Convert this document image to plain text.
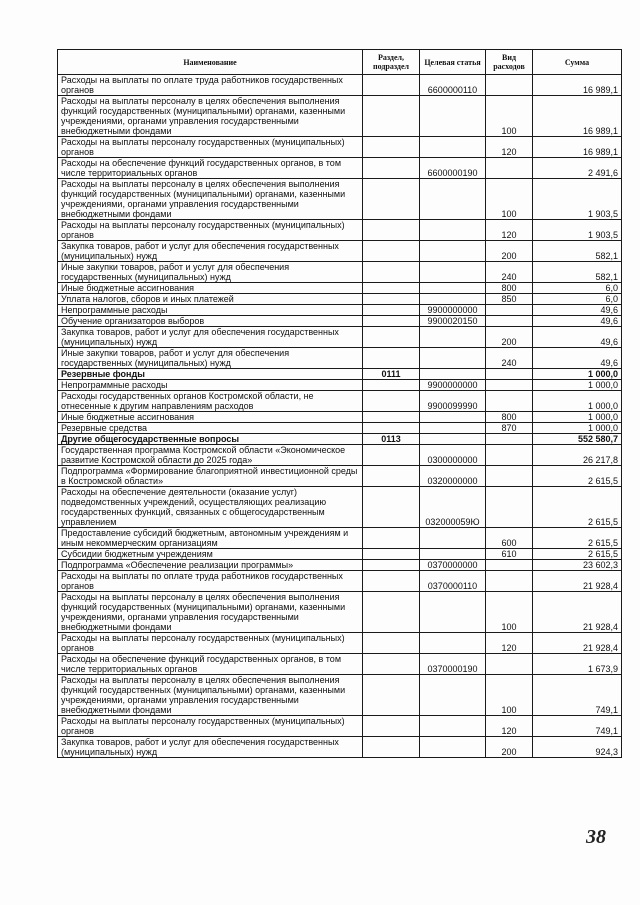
Наименование	Раздел, подраздел	Целевая статья	Вид расходов	Сумма
Расходы на выплаты по оплате труда работников государственных органов		6600000110		16 989,1
Расходы на выплаты персоналу в целях обеспечения выполнения функций государственных (муниципальными) органами, казенными учреждениями, органами управления государственными внебюджетными фондами			100	16 989,1
Расходы на выплаты персоналу государственных (муниципальных) органов			120	16 989,1
Расходы на обеспечение функций государственных органов, в том числе территориальных органов		6600000190		2 491,6
Расходы на выплаты персоналу в целях обеспечения выполнения функций государственных (муниципальными) органами, казенными учреждениями, органами управления государственными внебюджетными фондами			100	1 903,5
Расходы на выплаты персоналу государственных (муниципальных) органов			120	1 903,5
Закупка товаров, работ и услуг для обеспечения государственных (муниципальных) нужд			200	582,1
Иные закупки товаров, работ и услуг для обеспечения государственных (муниципальных) нужд			240	582,1
Иные бюджетные ассигнования			800	6,0
Уплата налогов, сборов и иных платежей			850	6,0
Непрограммные расходы		9900000000		49,6
Обучение организаторов выборов		9900020150		49,6
Закупка товаров, работ и услуг для обеспечения государственных (муниципальных) нужд			200	49,6
Иные закупки товаров, работ и услуг для обеспечения государственных (муниципальных) нужд			240	49,6
Резервные фонды	0111			1 000,0
Непрограммные расходы		9900000000		1 000,0
Расходы государственных органов Костромской области, не отнесенные к другим направлениям расходов		9900099990		1 000,0
Иные бюджетные ассигнования			800	1 000,0
Резервные средства			870	1 000,0
Другие общегосударственные вопросы	0113			552 580,7
Государственная программа Костромской области «Экономическое развитие Костромской области до 2025 года»		0300000000		26 217,8
Подпрограмма «Формирование благоприятной инвестиционной среды в Костромской области»		0320000000		2 615,5
Расходы на обеспечение деятельности (оказание услуг) подведомственных учреждений, осуществляющих реализацию государственных функций, связанных с общегосударственным управлением		032000059Ю		2 615,5
Предоставление субсидий бюджетным, автономным учреждениям и иным некоммерческим организациям			600	2 615,5
Субсидии бюджетным учреждениям			610	2 615,5
Подпрограмма «Обеспечение реализации программы»		0370000000		23 602,3
Расходы на выплаты по оплате труда работников государственных органов		0370000110		21 928,4
Расходы на выплаты персоналу в целях обеспечения выполнения функций государственных (муниципальными) органами, казенными учреждениями, органами управления государственными внебюджетными фондами			100	21 928,4
Расходы на выплаты персоналу государственных (муниципальных) органов			120	21 928,4
Расходы на обеспечение функций государственных органов, в том числе территориальных органов		0370000190		1 673,9
Расходы на выплаты персоналу в целях обеспечения выполнения функций государственных (муниципальными) органами, казенными учреждениями, органами управления государственными внебюджетными фондами			100	749,1
Расходы на выплаты персоналу государственных (муниципальных) органов			120	749,1
Закупка товаров, работ и услуг для обеспечения государственных (муниципальных) нужд			200	924,3
38
